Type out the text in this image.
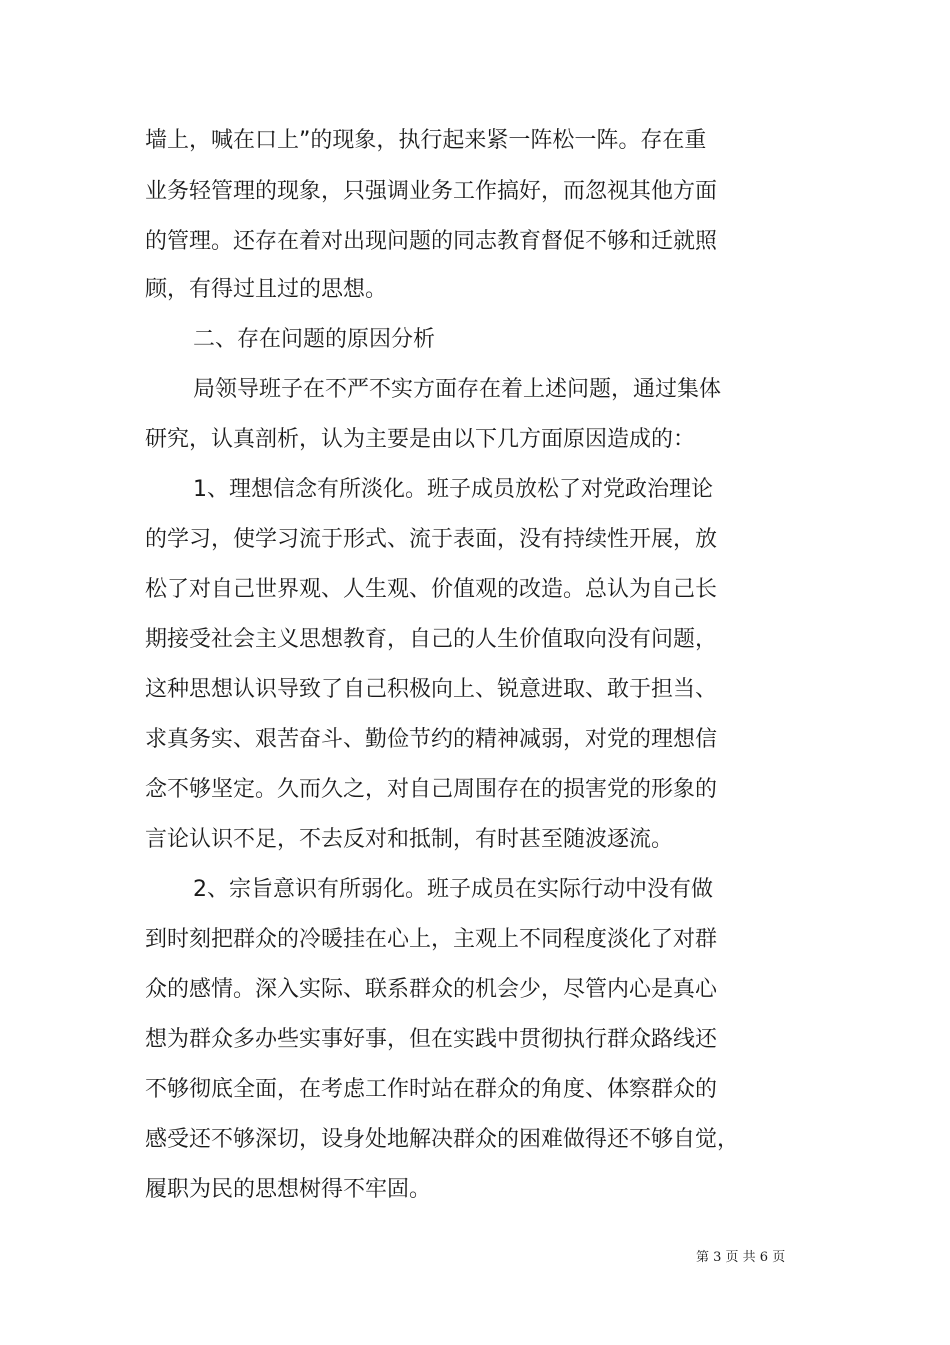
墙上，喊在口上”的现象，执行起来紧一阵松一阵。存在重
业务轻管理的现象，只强调业务工作搞好，而忽视其他方面
的管理。还存在着对出现问题的同志教育督促不够和迁就照
顾，有得过且过的思想。
二、存在问题的原因分析
局领导班子在不严不实方面存在着上述问题，通过集体
研究，认真剖析，认为主要是由以下几方面原因造成的：
1、理想信念有所淡化。班子成员放松了对党政治理论
的学习，使学习流于形式、流于表面，没有持续性开展，放
松了对自己世界观、人生观、价值观的改造。总认为自己长
期接受社会主义思想教育，自己的人生价值取向没有问题，
这种思想认识导致了自己积极向上、锐意进取、敢于担当、
求真务实、艰苦奋斗、勤俭节约的精神减弱，对党的理想信
念不够坚定。久而久之，对自己周围存在的损害党的形象的
言论认识不足，不去反对和抵制，有时甚至随波逐流。
2、宗旨意识有所弱化。班子成员在实际行动中没有做
到时刻把群众的冷暖挂在心上，主观上不同程度淡化了对群
众的感情。深入实际、联系群众的机会少，尽管内心是真心
想为群众多办些实事好事，但在实践中贯彻执行群众路线还
不够彻底全面，在考虑工作时站在群众的角度、体察群众的
感受还不够深切，设身处地解决群众的困难做得还不够自觉，
履职为民的思想树得不牢固。
第 3 页 共 6 页
